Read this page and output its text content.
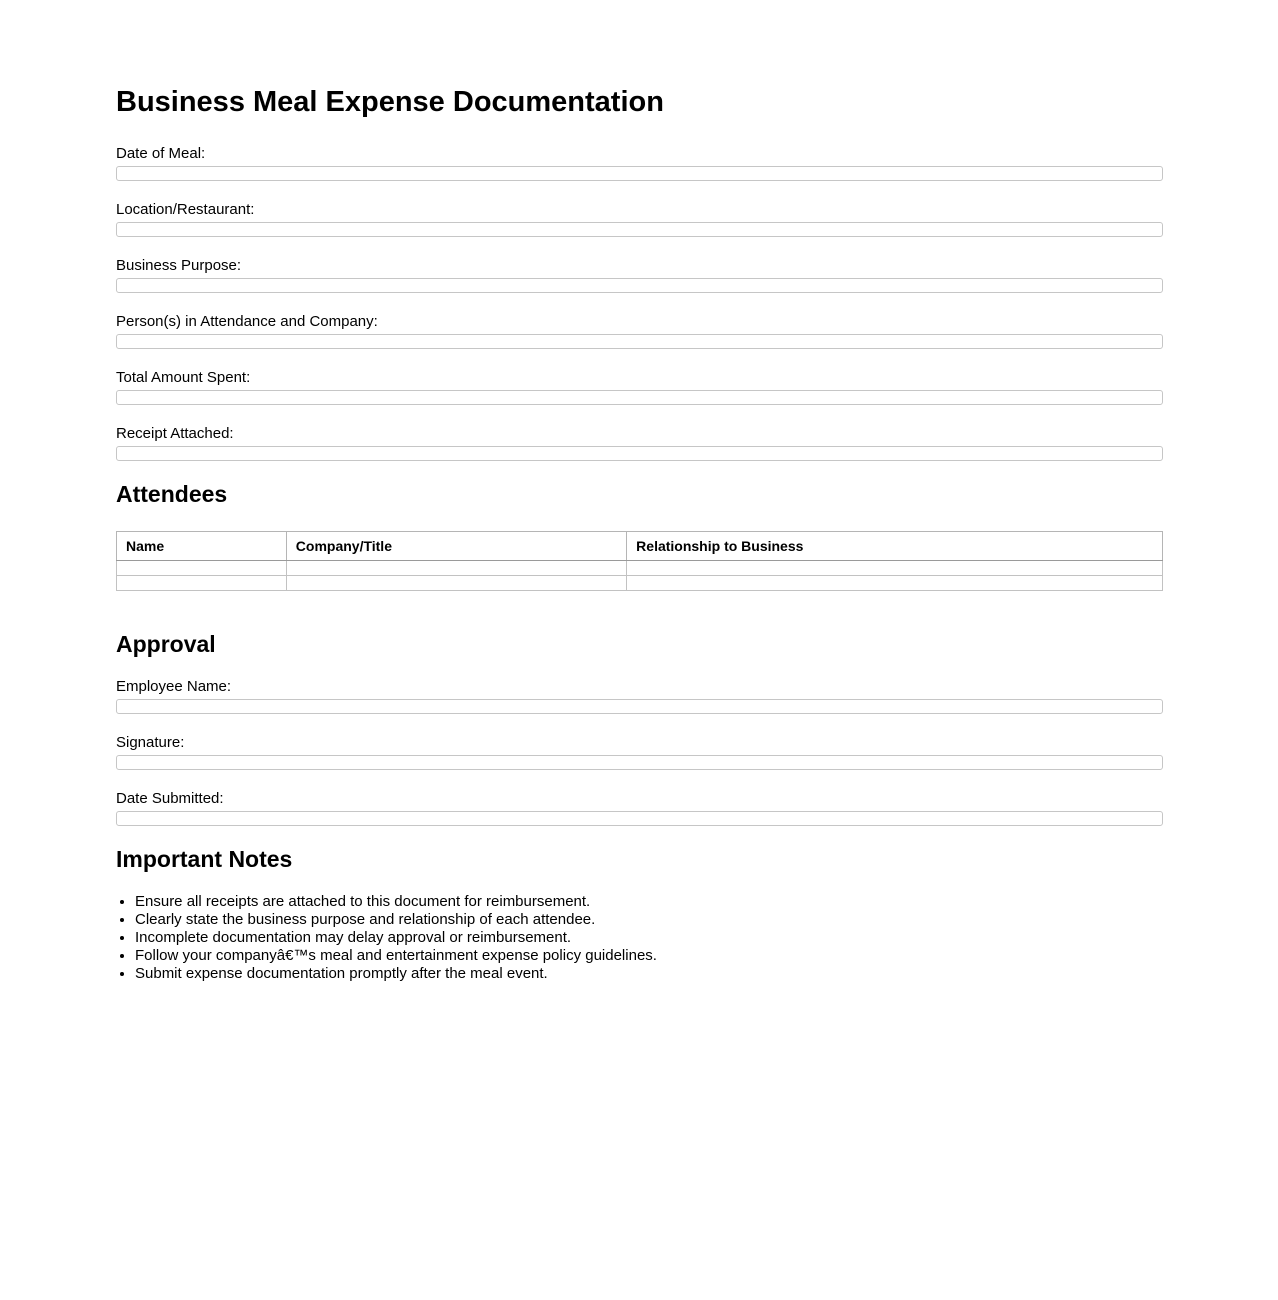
Business Meal Expense Documentation
Date of Meal:
Location/Restaurant:
Business Purpose:
Person(s) in Attendance and Company:
Total Amount Spent:
Receipt Attached:
Attendees
Name	Company/Title	Relationship to Business

Approval
Employee Name:
Signature:
Date Submitted:
Important Notes
• Ensure all receipts are attached to this document for reimbursement.
• Clearly state the business purpose and relationship of each attendee.
• Incomplete documentation may delay approval or reimbursement.
• Follow your companyâ€™s meal and entertainment expense policy guidelines.
• Submit expense documentation promptly after the meal event.
